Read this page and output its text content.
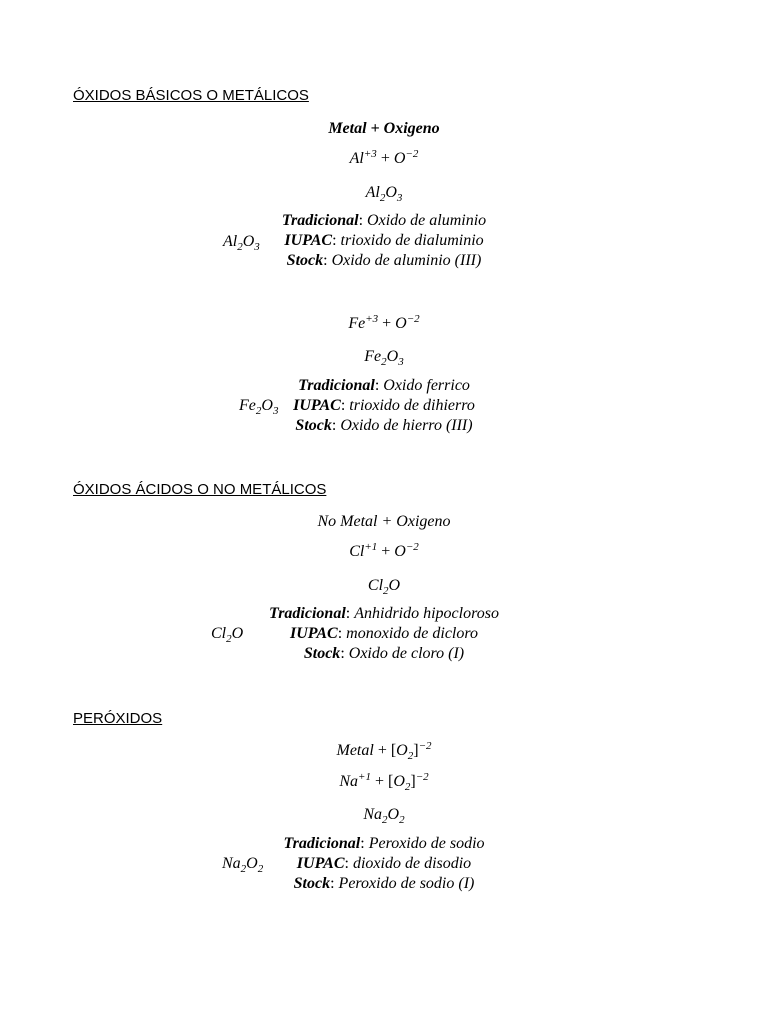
ÓXIDOS BÁSICOS O METÁLICOS
Metal + Oxigeno
$Al^{+3} + O^{-2}$
$Al_2O_3$
$Al_2O_3$
Tradicional: Oxido de aluminio
IUPAC: trioxido de dialuminio
Stock: Oxido de aluminio (III)
$Fe^{+3} + O^{-2}$
$Fe_2O_3$
$Fe_2O_3$
Tradicional: Oxido ferrico
IUPAC: trioxido de dihierro
Stock: Oxido de hierro (III)
ÓXIDOS ÁCIDOS O NO METÁLICOS
No Metal + Oxigeno
$Cl^{+1} + O^{-2}$
$Cl_2O$
$Cl_2O$
Tradicional: Anhidrido hipocloroso
IUPAC: monoxido de dicloro
Stock: Oxido de cloro (I)
PERÓXIDOS
Metal + $[O_2]^{-2}$
$Na^{+1} + [O_2]^{-2}$
$Na_2O_2$
$Na_2O_2$
Tradicional: Peroxido de sodio
IUPAC: dioxido de disodio
Stock: Peroxido de sodio (I)
